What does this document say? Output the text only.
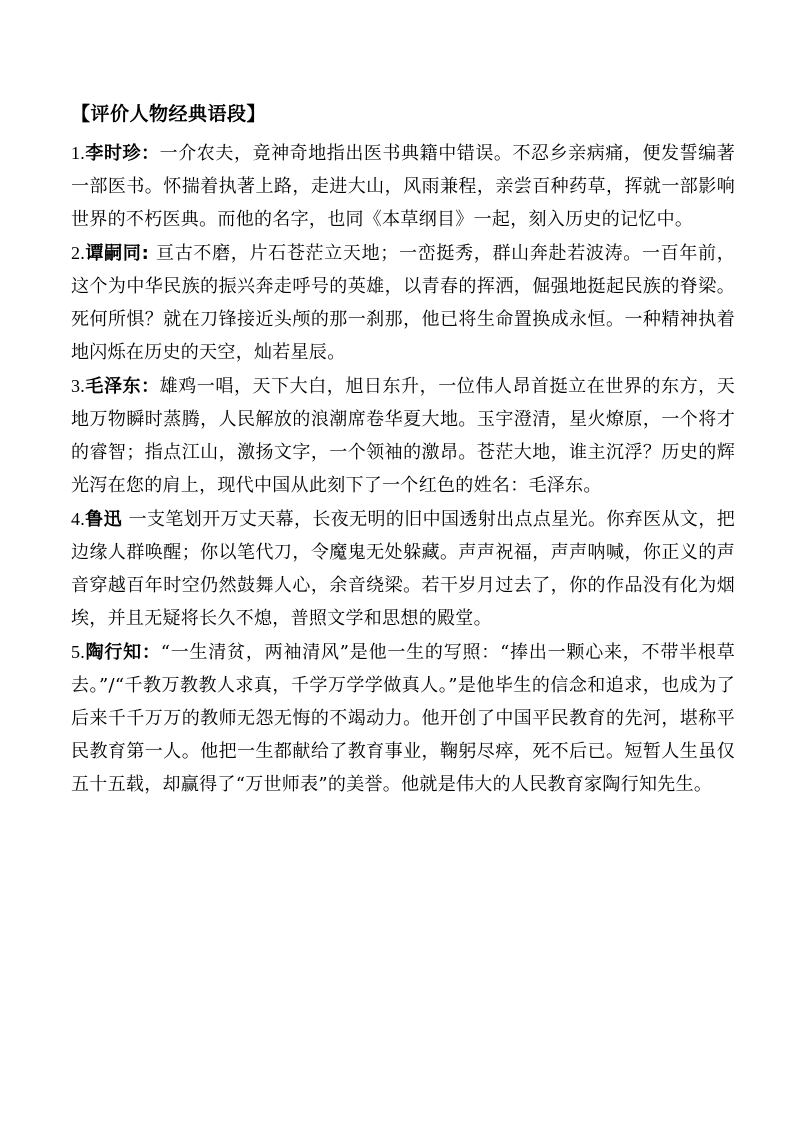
【评价人物经典语段】

1.李时珍：一介农夫，竟神奇地指出医书典籍中错误。不忍乡亲病痛，便发誓编著一部医书。怀揣着执著上路，走进大山，风雨兼程，亲尝百种药草，挥就一部影响世界的不朽医典。而他的名字，也同《本草纲目》一起，刻入历史的记忆中。

2.谭嗣同: 亘古不磨，片石苍茫立天地；一峦挺秀，群山奔赴若波涛。一百年前，这个为中华民族的振兴奔走呼号的英雄，以青春的挥洒，倔强地挺起民族的脊梁。死何所惧？就在刀锋接近头颅的那一刹那，他已将生命置换成永恒。一种精神执着地闪烁在历史的天空，灿若星辰。

3.毛泽东：雄鸡一唱，天下大白，旭日东升，一位伟人昂首挺立在世界的东方，天地万物瞬时蒸腾，人民解放的浪潮席卷华夏大地。玉宇澄清，星火燎原，一个将才的睿智；指点江山，激扬文字，一个领袖的激昂。苍茫大地，谁主沉浮？历史的辉光泻在您的肩上，现代中国从此刻下了一个红色的姓名：毛泽东。

4.鲁迅 一支笔划开万丈天幕，长夜无明的旧中国透射出点点星光。你弃医从文，把边缘人群唤醒；你以笔代刀，令魔鬼无处躲藏。声声祝福，声声呐喊，你正义的声音穿越百年时空仍然鼓舞人心，余音绕梁。若干岁月过去了，你的作品没有化为烟埃，并且无疑将长久不熄，普照文学和思想的殿堂。

5.陶行知：“一生清贫，两袖清风”是他一生的写照：“捧出一颗心来，不带半根草去。”/“千教万教教人求真，千学万学学做真人。”是他毕生的信念和追求，也成为了后来千千万万的教师无怨无悔的不竭动力。他开创了中国平民教育的先河，堪称平民教育第一人。他把一生都献给了教育事业，鞠躬尽瘁，死不后已。短暂人生虽仅五十五载，却赢得了“万世师表”的美誉。他就是伟大的人民教育家陶行知先生。
